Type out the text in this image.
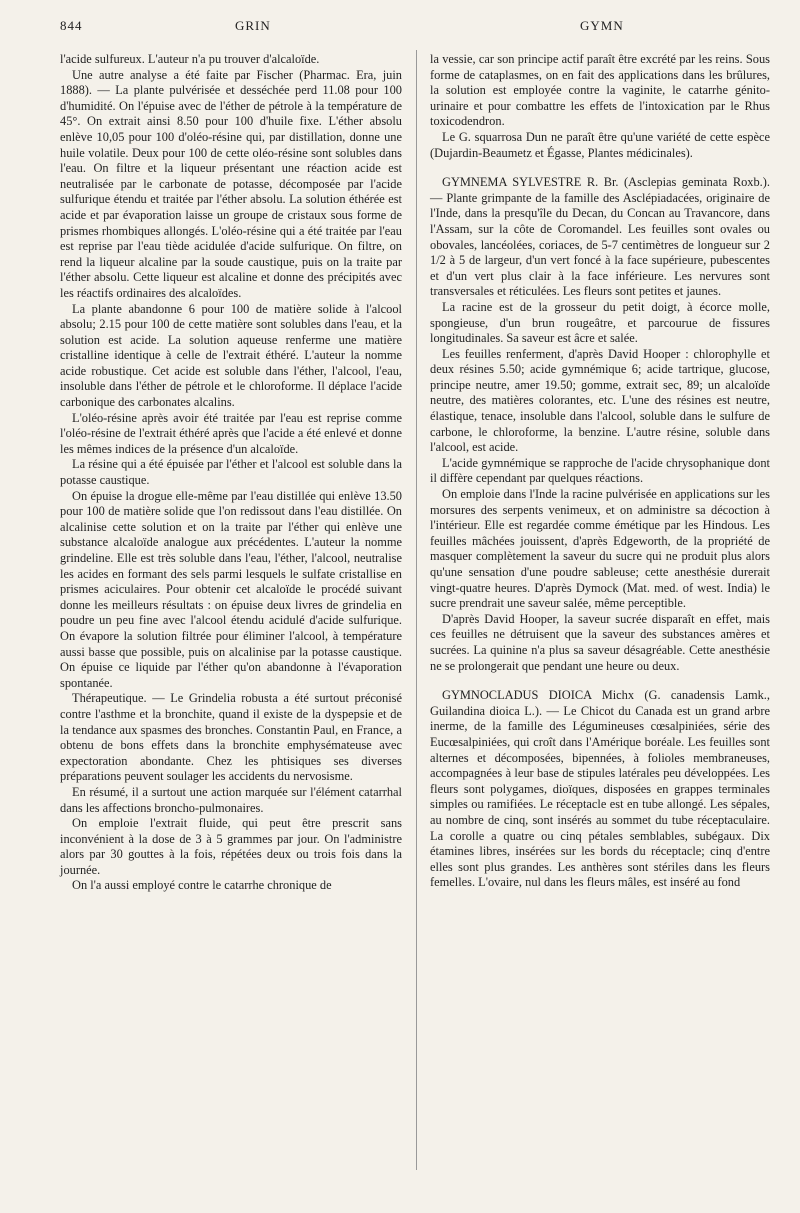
844	GRIN	GYMN

l'acide sulfureux. L'auteur n'a pu trouver d'alcaloïde.

Une autre analyse a été faite par Fischer (Pharmac. Era, juin 1888). — La plante pulvérisée et desséchée perd 11.08 pour 100 d'humidité. On l'épuise avec de l'éther de pétrole à la température de 45°. On extrait ainsi 8.50 pour 100 d'huile fixe. L'éther absolu enlève 10,05 pour 100 d'oléo-résine qui, par distillation, donne une huile volatile. Deux pour 100 de cette oléo-résine sont solubles dans l'eau. On filtre et la liqueur présentant une réaction acide est neutralisée par le carbonate de potasse, décomposée par l'acide sulfurique étendu et traitée par l'éther absolu. La solution éthérée est acide et par évaporation laisse un groupe de cristaux sous forme de prismes rhombiques allongés. L'oléo-résine qui a été traitée par l'eau est reprise par l'eau tiède acidulée d'acide sulfurique. On filtre, on rend la liqueur alcaline par la soude caustique, puis on la traite par l'éther absolu. Cette liqueur est alcaline et donne des précipités avec les réactifs ordinaires des alcaloïdes.

La plante abandonne 6 pour 100 de matière solide à l'alcool absolu; 2.15 pour 100 de cette matière sont solubles dans l'eau, et la solution est acide. La solution aqueuse renferme une matière cristalline identique à celle de l'extrait éthéré. L'auteur la nomme acide robustique. Cet acide est soluble dans l'éther, l'alcool, l'eau, insoluble dans l'éther de pétrole et le chloroforme. Il déplace l'acide carbonique des carbonates alcalins.

L'oléo-résine après avoir été traitée par l'eau est reprise comme l'oléo-résine de l'extrait éthéré après que l'acide a été enlevé et donne les mêmes indices de la présence d'un alcaloïde.

La résine qui a été épuisée par l'éther et l'alcool est soluble dans la potasse caustique.

On épuise la drogue elle-même par l'eau distillée qui enlève 13.50 pour 100 de matière solide que l'on redissout dans l'eau distillée. On alcalinise cette solution et on la traite par l'éther qui enlève une substance alcaloïde analogue aux précédentes. L'auteur la nomme grindeline. Elle est très soluble dans l'eau, l'éther, l'alcool, neutralise les acides en formant des sels parmi lesquels le sulfate cristallise en prismes aciculaires. Pour obtenir cet alcaloïde le procédé suivant donne les meilleurs résultats : on épuise deux livres de grindelia en poudre un peu fine avec l'alcool étendu acidulé d'acide sulfurique. On évapore la solution filtrée pour éliminer l'alcool, à température aussi basse que possible, puis on alcalinise par la potasse caustique. On épuise ce liquide par l'éther qu'on abandonne à l'évaporation spontanée.

Thérapeutique. — Le Grindelia robusta a été surtout préconisé contre l'asthme et la bronchite, quand il existe de la dyspepsie et de la tendance aux spasmes des bronches. Constantin Paul, en France, a obtenu de bons effets dans la bronchite emphysémateuse avec expectoration abondante. Chez les phtisiques ses diverses préparations peuvent soulager les accidents du nervosisme.

En résumé, il a surtout une action marquée sur l'élément catarrhal dans les affections broncho-pulmonaires.

On emploie l'extrait fluide, qui peut être prescrit sans inconvénient à la dose de 3 à 5 grammes par jour. On l'administre alors par 30 gouttes à la fois, répétées deux ou trois fois dans la journée.

On l'a aussi employé contre le catarrhe chronique de

la vessie, car son principe actif paraît être excrété par les reins. Sous forme de cataplasmes, on en fait des applications dans les brûlures, la solution est employée contre la vaginite, le catarrhe génito-urinaire et pour combattre les effets de l'intoxication par le Rhus toxicodendron.

Le G. squarrosa Dun ne paraît être qu'une variété de cette espèce (Dujardin-Beaumetz et Égasse, Plantes médicinales).

GYMNEMA SYLVESTRE R. Br. (Asclepias geminata Roxb.). — Plante grimpante de la famille des Asclépiadacées, originaire de l'Inde, dans la presqu'île du Decan, du Concan au Travancore, dans l'Assam, sur la côte de Coromandel. Les feuilles sont ovales ou obovales, lancéolées, coriaces, de 5-7 centimètres de longueur sur 2 1/2 à 5 de largeur, d'un vert foncé à la face supérieure, pubescentes et d'un vert plus clair à la face inférieure. Les nervures sont transversales et réticulées. Les fleurs sont petites et jaunes.

La racine est de la grosseur du petit doigt, à écorce molle, spongieuse, d'un brun rougeâtre, et parcourue de fissures longitudinales. Sa saveur est âcre et salée.

Les feuilles renferment, d'après David Hooper : chlorophylle et deux résines 5.50; acide gymnémique 6; acide tartrique, glucose, principe neutre, amer 19.50; gomme, extrait sec, 89; un alcaloïde neutre, des matières colorantes, etc. L'une des résines est neutre, élastique, tenace, insoluble dans l'alcool, soluble dans le sulfure de carbone, le chloroforme, la benzine. L'autre résine, soluble dans l'alcool, est acide.

L'acide gymnémique se rapproche de l'acide chrysophanique dont il diffère cependant par quelques réactions.

On emploie dans l'Inde la racine pulvérisée en applications sur les morsures des serpents venimeux, et on administre sa décoction à l'intérieur. Elle est regardée comme émétique par les Hindous. Les feuilles mâchées jouissent, d'après Edgeworth, de la propriété de masquer complètement la saveur du sucre qui ne produit plus alors qu'une sensation d'une poudre sableuse; cette anesthésie durerait vingt-quatre heures. D'après Dymock (Mat. med. of west. India) le sucre prendrait une saveur salée, même perceptible.

D'après David Hooper, la saveur sucrée disparaît en effet, mais ces feuilles ne détruisent que la saveur des substances amères et sucrées. La quinine n'a plus sa saveur désagréable. Cette anesthésie ne se prolongerait que pendant une heure ou deux.

GYMNOCLADUS DIOICA Michx (G. canadensis Lamk., Guilandina dioica L.). — Le Chicot du Canada est un grand arbre inerme, de la famille des Légumineuses cœsalpiniées, série des Eucœsalpiniées, qui croît dans l'Amérique boréale. Les feuilles sont alternes et décomposées, bipennées, à folioles membraneuses, accompagnées à leur base de stipules latérales peu développées. Les fleurs sont polygames, dioïques, disposées en grappes terminales simples ou ramifiées. Le réceptacle est en tube allongé. Les sépales, au nombre de cinq, sont insérés au sommet du tube réceptaculaire. La corolle a quatre ou cinq pétales semblables, subégaux. Dix étamines libres, insérées sur les bords du réceptacle; cinq d'entre elles sont plus grandes. Les anthères sont stériles dans les fleurs femelles. L'ovaire, nul dans les fleurs mâles, est inséré au fond
